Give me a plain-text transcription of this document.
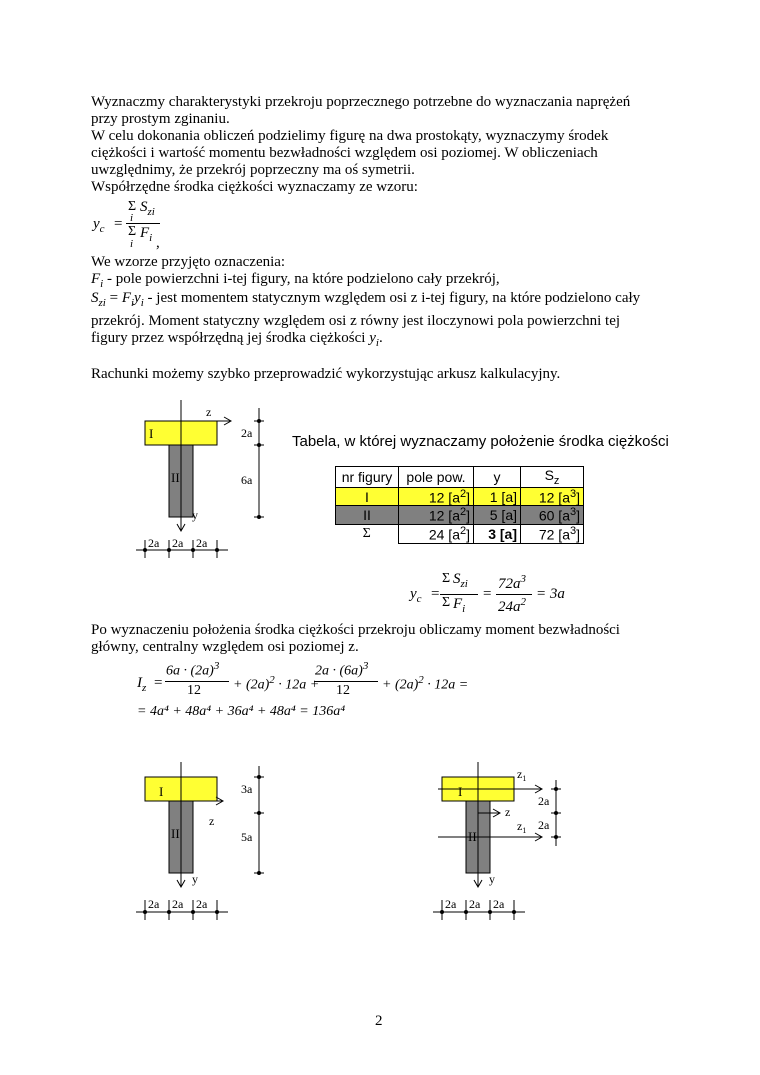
Wyznaczmy charakterystyki przekroju poprzecznego potrzebne do wyznaczania naprężeń
przy prostym zginaniu.
W celu dokonania obliczeń podzielimy figurę na dwa prostokąty, wyznaczymy środek
ciężkości i wartość momentu bezwładności względem osi poziomej. W obliczeniach
uwzględnimy, że przekrój poprzeczny ma oś symetrii.
Współrzędne środka ciężkości wyznaczamy ze wzoru:
$y_c$ =
Σ $S_{zi}$
i
Σ $F_i$
i ,
We wzorze przyjęto oznaczenia:
$F_i$ - pole powierzchni i-tej figury, na które podzielono cały przekrój,
$S_{zi} = F_iy_i$ - jest momentem statycznym względem osi z i-tej figury, na które podzielono cały
przekrój. Moment statyczny względem osi z równy jest iloczynowi pola powierzchni tej
figury przez współrzędną jej środka ciężkości $y_i$.
Rachunki możemy szybko przeprowadzić wykorzystując arkusz kalkulacyjny.
z
y
I
II
2a
6a
2a 2a 2a
Tabela, w której wyznaczamy położenie środka ciężkości
nr figury	pole pow.	y	$S_z$
I	12 $[a^2]$	1 [a]	12 $[a^3]$
II	12 $[a^2]$	5 [a]	60 $[a^3]$
Σ	24 $[a^2]$	3 [a]	72 $[a^3]$
$y_c$ =
Σ $S_{zi}$
Σ $F_i$
=
$72a^3$
$24a^2 = 3a$
Po wyznaczeniu położenia środka ciężkości przekroju obliczamy moment bezwładności
główny, centralny względem osi poziomej z.
$I_z$ =
$6a \cdot (2a)^3$
$12 + (2a)^2 \cdot 12a$ +
$2a \cdot (6a)^3$
$12 + (2a)^2 \cdot 12a$ =
= 4a⁴ + 48a⁴ + 36a⁴ + 48a⁴ = 136a⁴
z
y
I
II
3a
5a
2a 2a 2a
$z_1$
z
$z_1$
y
I
II
2a
2a
2a 2a 2a
2
